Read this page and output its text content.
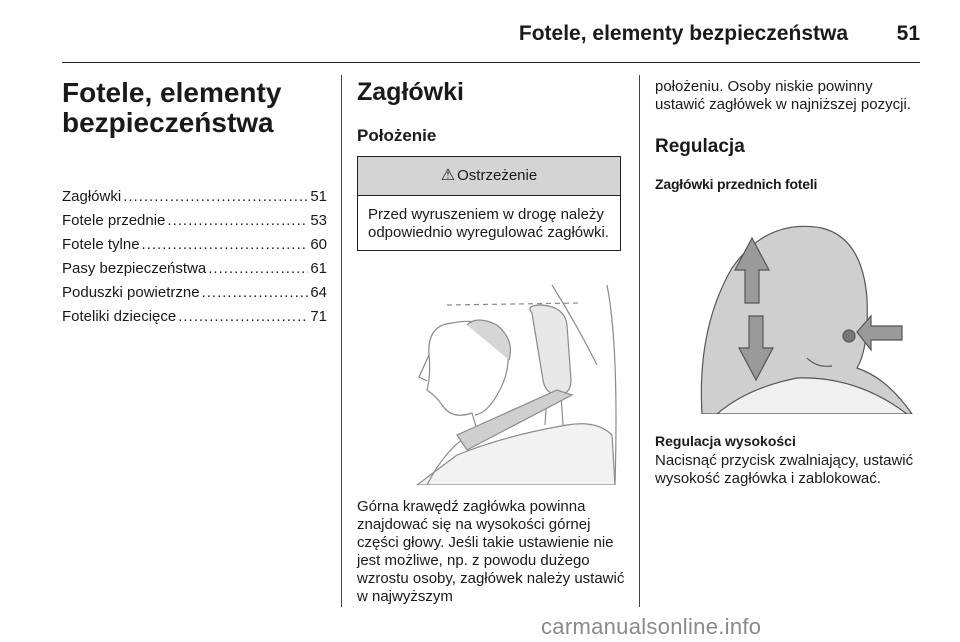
Fotele, elementy bezpieczeństwa 51
Fotele, elementy
bezpieczeństwa
Zagłówki .....	51
Fotele przednie .....	53
Fotele tylne .....	60
Pasy bezpieczeństwa .....	61
Poduszki powietrzne .....	64
Foteliki dziecięce .....	71
Zagłówki
Położenie
⚠ Ostrzeżenie
Przed wyruszeniem w drogę należy odpowiednio wyregulować zagłówki.

Górna krawędź zagłówka powinna znajdować się na wysokości górnej części głowy. Jeśli takie ustawienie nie jest możliwe, np. z powodu dużego wzrostu osoby, zagłówek należy ustawić w najwyższym

położeniu. Osoby niskie powinny ustawić zagłówek w najniższej pozycji.

Regulacja
Zagłówki przednich foteli
Regulacja wysokości

Nacisnąć przycisk zwalniający, ustawić wysokość zagłówka i zablokować.

carmanualsonline.info
